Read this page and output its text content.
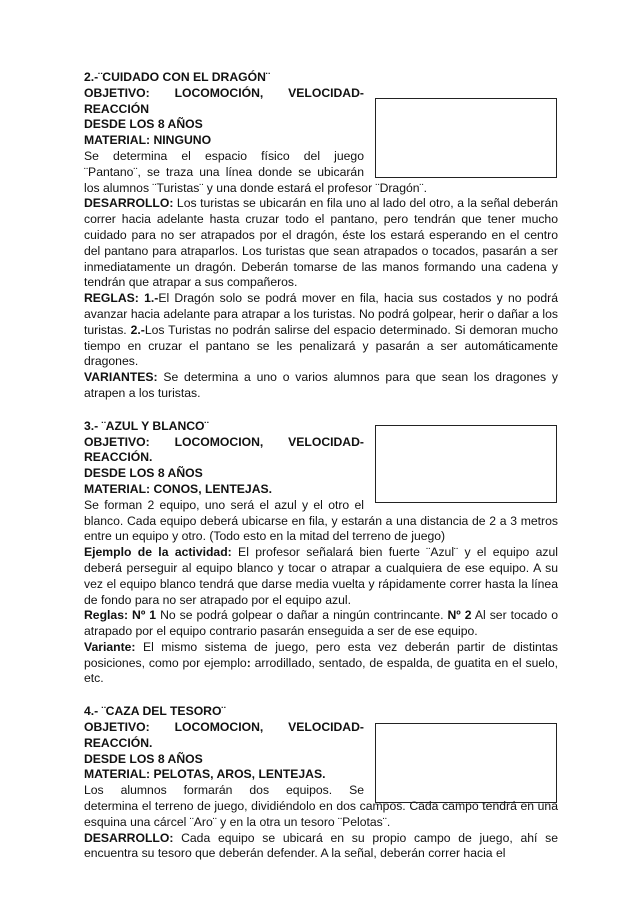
2.-¨CUIDADO CON EL DRAGÓN¨

OBJETIVO: LOCOMOCIÓN, VELOCIDAD-

REACCIÓN

DESDE LOS 8 AÑOS

MATERIAL: NINGUNO

Se determina el espacio físico del juego

¨Pantano¨, se traza una línea donde se ubicarán

los alumnos ¨Turistas¨ y una donde estará el profesor ¨Dragón¨.

DESARROLLO: Los turistas se ubicarán en fila uno al lado del otro, a la señal deberán correr hacia adelante hasta cruzar todo el pantano, pero tendrán que tener mucho cuidado para no ser atrapados por el dragón, éste los estará esperando en el centro del pantano para atraparlos. Los turistas que sean atrapados o tocados, pasarán a ser inmediatamente un dragón. Deberán tomarse de las manos formando una cadena y tendrán que atrapar a sus compañeros.

REGLAS: 1.-El Dragón solo se podrá mover en fila, hacia sus costados y no podrá avanzar hacia adelante para atrapar a los turistas. No podrá golpear, herir o dañar a los turistas. 2.-Los Turistas no podrán salirse del espacio determinado. Si demoran mucho tiempo en cruzar el pantano se les penalizará y pasarán a ser automáticamente dragones.

VARIANTES: Se determina a uno o varios alumnos para que sean los dragones y atrapen a los turistas.

3.- ¨AZUL Y BLANCO¨

OBJETIVO: LOCOMOCION, VELOCIDAD-

REACCIÓN.

DESDE LOS 8 AÑOS

MATERIAL: CONOS, LENTEJAS.

Se forman 2 equipo, uno será el azul y el otro el

blanco. Cada equipo deberá ubicarse en fila, y estarán a una distancia de 2 a 3 metros entre un equipo y otro. (Todo esto en la mitad del terreno de juego)

Ejemplo de la actividad: El profesor señalará bien fuerte ¨Azul¨ y el equipo azul deberá perseguir al equipo blanco y tocar o atrapar a cualquiera de ese equipo. A su vez el equipo blanco tendrá que darse media vuelta y rápidamente correr hasta la línea de fondo para no ser atrapado por el equipo azul.

Reglas: Nº 1 No se podrá golpear o dañar a ningún contrincante. Nº 2 Al ser tocado o atrapado por el equipo contrario pasarán enseguida a ser de ese equipo.

Variante: El mismo sistema de juego, pero esta vez deberán partir de distintas posiciones, como por ejemplo: arrodillado, sentado, de espalda, de guatita en el suelo, etc.

4.- ¨CAZA DEL TESORO¨

OBJETIVO: LOCOMOCION, VELOCIDAD-

REACCIÓN.

DESDE LOS 8 AÑOS

MATERIAL: PELOTAS, AROS, LENTEJAS.

Los alumnos formarán dos equipos. Se

determina el terreno de juego, dividiéndolo en dos campos. Cada campo tendrá en una esquina una cárcel ¨Aro¨ y en la otra un tesoro ¨Pelotas¨.

DESARROLLO: Cada equipo se ubicará en su propio campo de juego, ahí se encuentra su tesoro que deberán defender. A la señal, deberán correr hacia el
